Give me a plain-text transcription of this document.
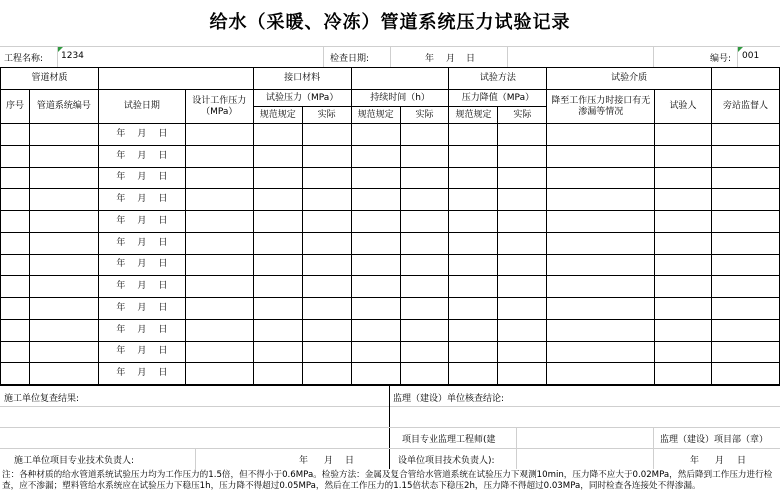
给水（采暖、冷冻）管道系统压力试验记录
工程名称: 1234	检查日期:	年 月 日	编号: 001
管道材质				接口材料				试验方法		试验介质	
序号	管道系统编号	试验日期	设计工作压力（MPa）	试验压力（MPa）		持续时间（h）		压力降值（MPa）		降至工作压力时接口有无渗漏等情况	试验人	旁站监督人
				规范规定	实际	规范规定	实际	规范规定	实际			
		年 月 日										
		年 月 日										
		年 月 日										
		年 月 日										
		年 月 日										
		年 月 日										
		年 月 日										
		年 月 日										
		年 月 日										
		年 月 日										
		年 月 日										
		年 月 日										
施工单位复查结果:	监理（建设）单位核查结论:
项目专业监理工程师(建	监理（建设）项目部（章）
施工单位项目专业技术负责人:	年 月 日	设单位项目技术负责人):	年 月 日
注：各种材质的给水管道系统试验压力均为工作压力的1.5倍，但不得小于0.6MPa。检验方法：金属及复合管给水管道系统在试验压力下观测10min，压力降不应大于0.02MPa，然后降到工作压力进行检查，应不渗漏；塑料管给水系统应在试验压力下稳压1h，压力降不得超过0.05MPa，然后在工作压力的1.15倍状态下稳压2h，压力降不得超过0.03MPa，同时检查各连接处不得渗漏。
